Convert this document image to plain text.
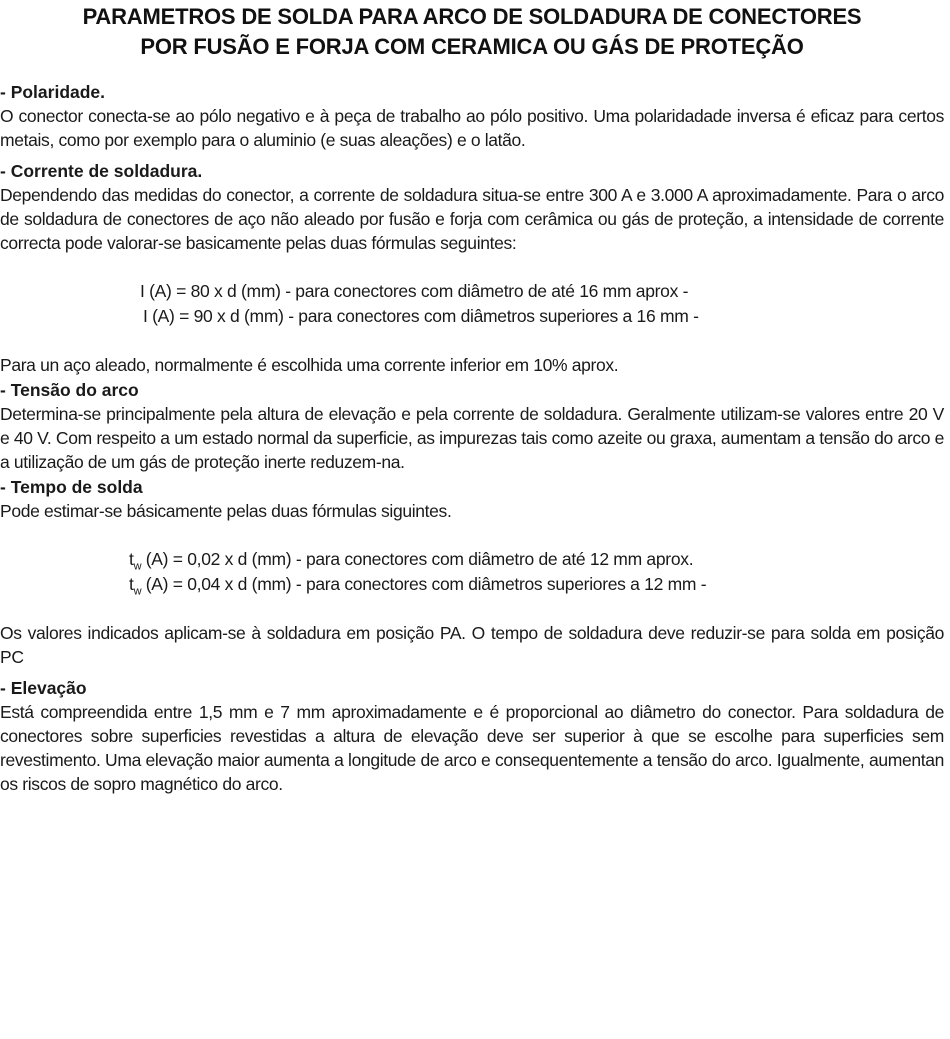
PARAMETROS DE SOLDA PARA ARCO DE SOLDADURA DE CONECTORES
POR FUSÃO E FORJA COM CERAMICA OU GÁS DE PROTEÇÃO

- Polaridade.

O conector conecta-se ao pólo negativo e à peça de trabalho ao pólo positivo. Uma polaridadade inversa é eficaz para certos metais, como por exemplo para o aluminio (e suas aleações) e o latão.

- Corrente de soldadura.

Dependendo das medidas do conector, a corrente de soldadura situa-se entre 300 A e 3.000 A aproximadamente. Para o arco de soldadura de conectores de aço não aleado por fusão e forja com cerâmica ou gás de proteção, a intensidade de corrente correcta pode valorar-se basicamente pelas duas fórmulas seguintes:

I (A) = 80 x d (mm) - para conectores com diâmetro de até 16 mm aprox -
I (A) = 90 x d (mm) - para conectores com diâmetros superiores a 16 mm -

Para un aço aleado, normalmente é escolhida uma corrente inferior em 10% aprox.

- Tensão do arco

Determina-se principalmente pela altura de elevação e pela corrente de soldadura. Geralmente utilizam-se valores entre 20 V e 40 V. Com respeito a um estado normal da superficie, as impurezas tais como azeite ou graxa, aumentam a tensão do arco e a utilização de um gás de proteção inerte reduzem-na.

- Tempo de solda

Pode estimar-se básicamente pelas duas fórmulas siguintes.

$t_w$ (A) = 0,02 x d (mm) - para conectores com diâmetro de até 12 mm aprox.
$t_w$ (A) = 0,04 x d (mm) - para conectores com diâmetros superiores a 12 mm -

Os valores indicados aplicam-se à soldadura em posição PA. O tempo de soldadura deve reduzir-se para solda em posição PC

- Elevação

Está compreendida entre 1,5 mm e 7 mm aproximadamente e é proporcional ao diâmetro do conector. Para soldadura de conectores sobre superficies revestidas a altura de elevação deve ser superior à que se escolhe para superficies sem revestimento. Uma elevação maior aumenta a longitude de arco e consequentemente a tensão do arco. Igualmente, aumentan os riscos de sopro magnético do arco.
